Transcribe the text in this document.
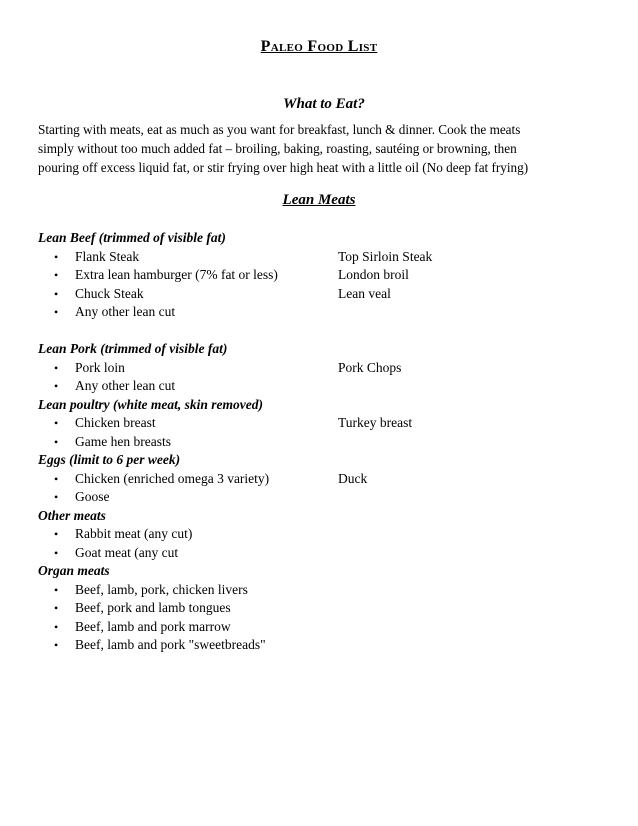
Paleo Food List
What to Eat?

Starting with meats, eat as much as you want for breakfast, lunch & dinner. Cook the meats

simply without too much added fat – broiling, baking, roasting, sautéing or browning, then

pouring off excess liquid fat, or stir frying over high heat with a little oil (No deep fat frying)

Lean Meats
Lean Beef (trimmed of visible fat)
• Flank Steak	Top Sirloin Steak
• Extra lean hamburger (7% fat or less)	London broil
• Chuck Steak	Lean veal
• Any other lean cut
Lean Pork (trimmed of visible fat)
• Pork loin	Pork Chops
• Any other lean cut
Lean poultry (white meat, skin removed)
• Chicken breast	Turkey breast
• Game hen breasts
Eggs (limit to 6 per week)
• Chicken (enriched omega 3 variety)	Duck
• Goose
Other meats
• Rabbit meat (any cut)
• Goat meat (any cut
Organ meats
• Beef, lamb, pork, chicken livers
• Beef, pork and lamb tongues
• Beef, lamb and pork marrow
• Beef, lamb and pork "sweetbreads"
